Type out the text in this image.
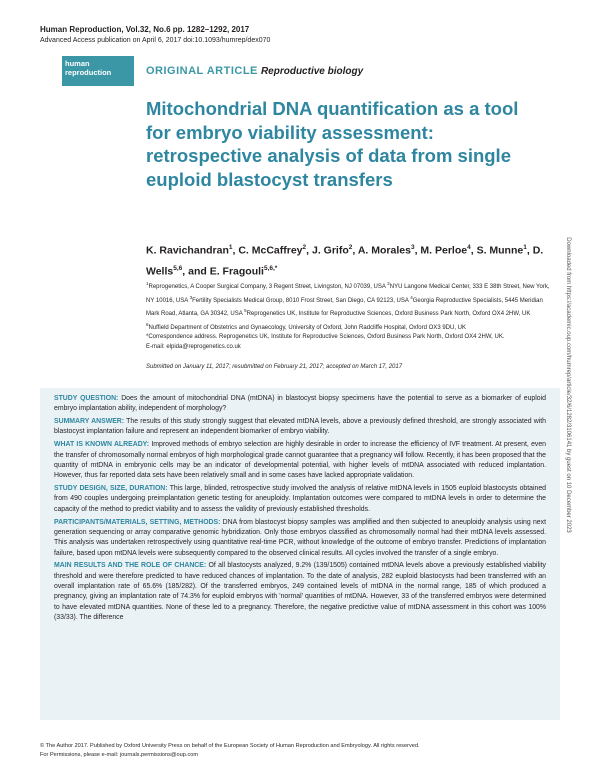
Human Reproduction, Vol.32, No.6 pp. 1282–1292, 2017
Advanced Access publication on April 6, 2017 doi:10.1093/humrep/dex070
human
reproduction	ORIGINAL ARTICLE Reproductive biology
Mitochondrial DNA quantification as a tool for embryo viability assessment: retrospective analysis of data from single euploid blastocyst transfers
K. Ravichandran$^1$, C. McCaffrey$^2$, J. Grifo$^2$, A. Morales$^3$, M. Perloe$^4$, S. Munne$^1$, D. Wells$^{5,6}$, and E. Fragouli$^{5,6,*}$
$^1$Reprogenetics, A Cooper Surgical Company, 3 Regent Street, Livingston, NJ 07039, USA $^2$NYU Langone Medical Center, 333 E 38th Street, New York, NY 10016, USA $^3$Fertility Specialists Medical Group, 8010 Frost Street, San Diego, CA 92123, USA $^4$Georgia Reproductive Specialists, 5445 Meridian Mark Road, Atlanta, GA 30342, USA $^5$Reprogenetics UK, Institute for Reproductive Sciences, Oxford Business Park North, Oxford OX4 2HW, UK $^6$Nuffield Department of Obstetrics and Gynaecology, University of Oxford, John Radcliffe Hospital, Oxford OX3 9DU, UK
*Correspondence address. Reprogenetics UK, Institute for Reproductive Sciences, Oxford Business Park North, Oxford OX4 2HW, UK.
E-mail: elpida@reprogenetics.co.uk
Submitted on January 11, 2017; resubmitted on February 21, 2017; accepted on March 17, 2017

STUDY QUESTION: Does the amount of mitochondrial DNA (mtDNA) in blastocyst biopsy specimens have the potential to serve as a biomarker of euploid embryo implantation ability, independent of morphology?

SUMMARY ANSWER: The results of this study strongly suggest that elevated mtDNA levels, above a previously defined threshold, are strongly associated with blastocyst implantation failure and represent an independent biomarker of embryo viability.

WHAT IS KNOWN ALREADY: Improved methods of embryo selection are highly desirable in order to increase the efficiency of IVF treatment. At present, even the transfer of chromosomally normal embryos of high morphological grade cannot guarantee that a pregnancy will follow. Recently, it has been proposed that the quantity of mtDNA in embryonic cells may be an indicator of developmental potential, with higher levels of mtDNA associated with reduced implantation. However, thus far reported data sets have been relatively small and in some cases have lacked appropriate validation.

STUDY DESIGN, SIZE, DURATION: This large, blinded, retrospective study involved the analysis of relative mtDNA levels in 1505 euploid blastocysts obtained from 490 couples undergoing preimplantation genetic testing for aneuploidy. Implantation outcomes were compared to mtDNA levels in order to determine the capacity of the method to predict viability and to assess the validity of previously established thresholds.

PARTICIPANTS/MATERIALS, SETTING, METHODS: DNA from blastocyst biopsy samples was amplified and then subjected to aneuploidy analysis using next generation sequencing or array comparative genomic hybridization. Only those embryos classified as chromosomally normal had their mtDNA levels assessed. This analysis was undertaken retrospectively using quantitative real-time PCR, without knowledge of the outcome of embryo transfer. Predictions of implantation failure, based upon mtDNA levels were subsequently compared to the observed clinical results. All cycles involved the transfer of a single embryo.

MAIN RESULTS AND THE ROLE OF CHANCE: Of all blastocysts analyzed, 9.2% (139/1505) contained mtDNA levels above a previously established viability threshold and were therefore predicted to have reduced chances of implantation. To the date of analysis, 282 euploid blastocysts had been transferred with an overall implantation rate of 65.6% (185/282). Of the transferred embryos, 249 contained levels of mtDNA in the normal range, 185 of which produced a pregnancy, giving an implantation rate of 74.3% for euploid embryos with 'normal' quantities of mtDNA. However, 33 of the transferred embryos were determined to have elevated mtDNA quantities. None of these led to a pregnancy. Therefore, the negative predictive value of mtDNA assessment in this cohort was 100% (33/33). The difference

Downloaded from https://academic.oup.com/humrep/article/32/6/1282/3106141 by guest on 10 December 2023
© The Author 2017. Published by Oxford University Press on behalf of the European Society of Human Reproduction and Embryology. All rights reserved.
For Permissions, please e-mail: journals.permissions@oup.com
